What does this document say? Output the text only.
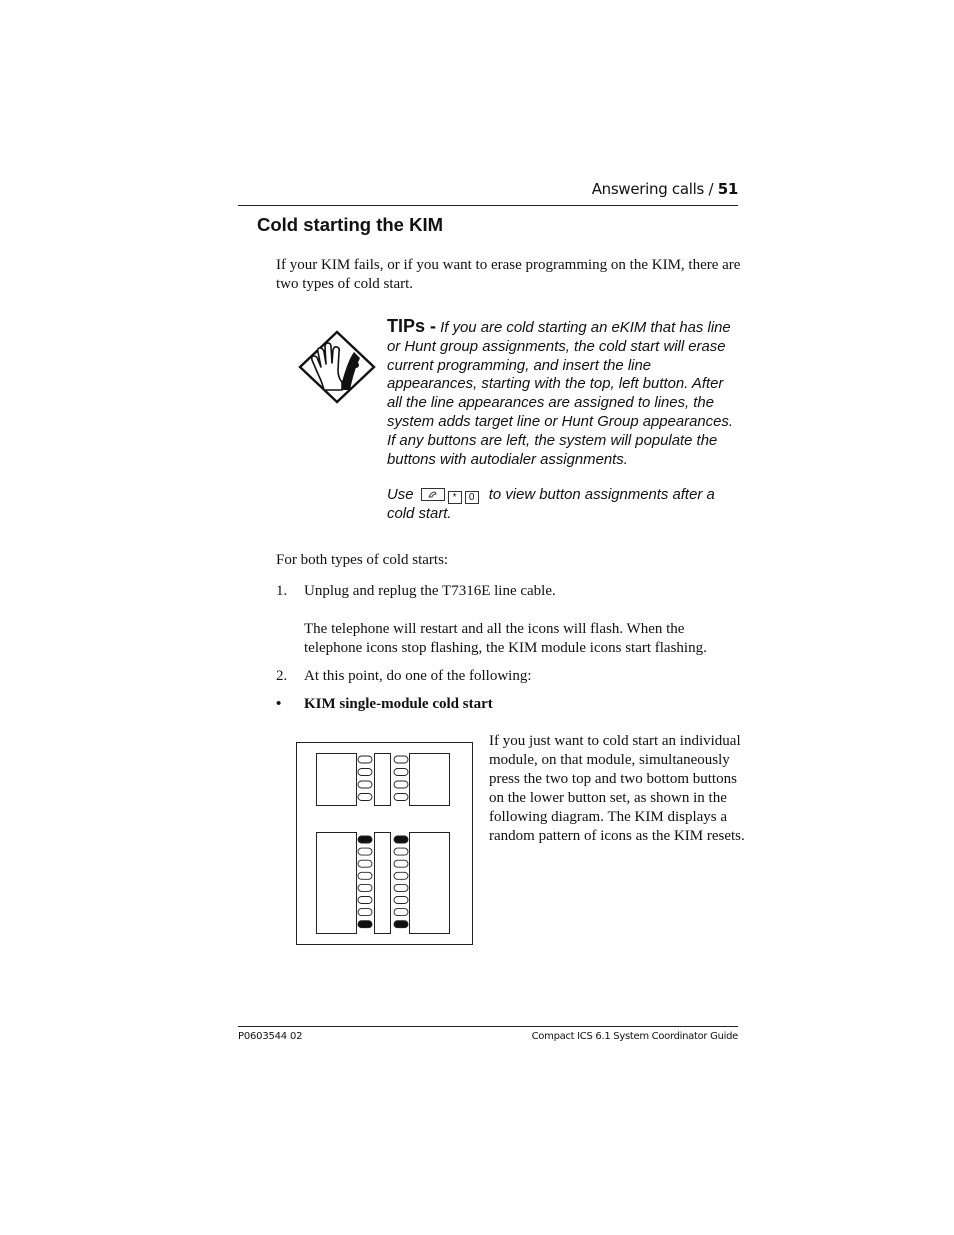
Answering calls / 51
Cold starting the KIM
If your KIM fails, or if you want to erase programming on the KIM, there are two types of cold start.
TIPs - If you are cold starting an eKIM that has line or Hunt group assignments, the cold start will erase current programming, and insert the line appearances, starting with the top, left button. After all the line appearances are assigned to lines, the system adds target line or Hunt Group appearances. If any buttons are left, the system will populate the buttons with autodialer assignments.
Use	* 0 to view button assignments after a cold start.
For both types of cold starts:
1. Unplug and replug the T7316E line cable.
The telephone will restart and all the icons will flash. When the telephone icons stop flashing, the KIM module icons start flashing.
2. At this point, do one of the following:
• KIM single-module cold start
If you just want to cold start an individual module, on that module, simultaneously press the two top and two bottom buttons on the lower button set, as shown in the following diagram. The KIM displays a random pattern of icons as the KIM resets.
P0603544 02	Compact ICS 6.1 System Coordinator Guide
